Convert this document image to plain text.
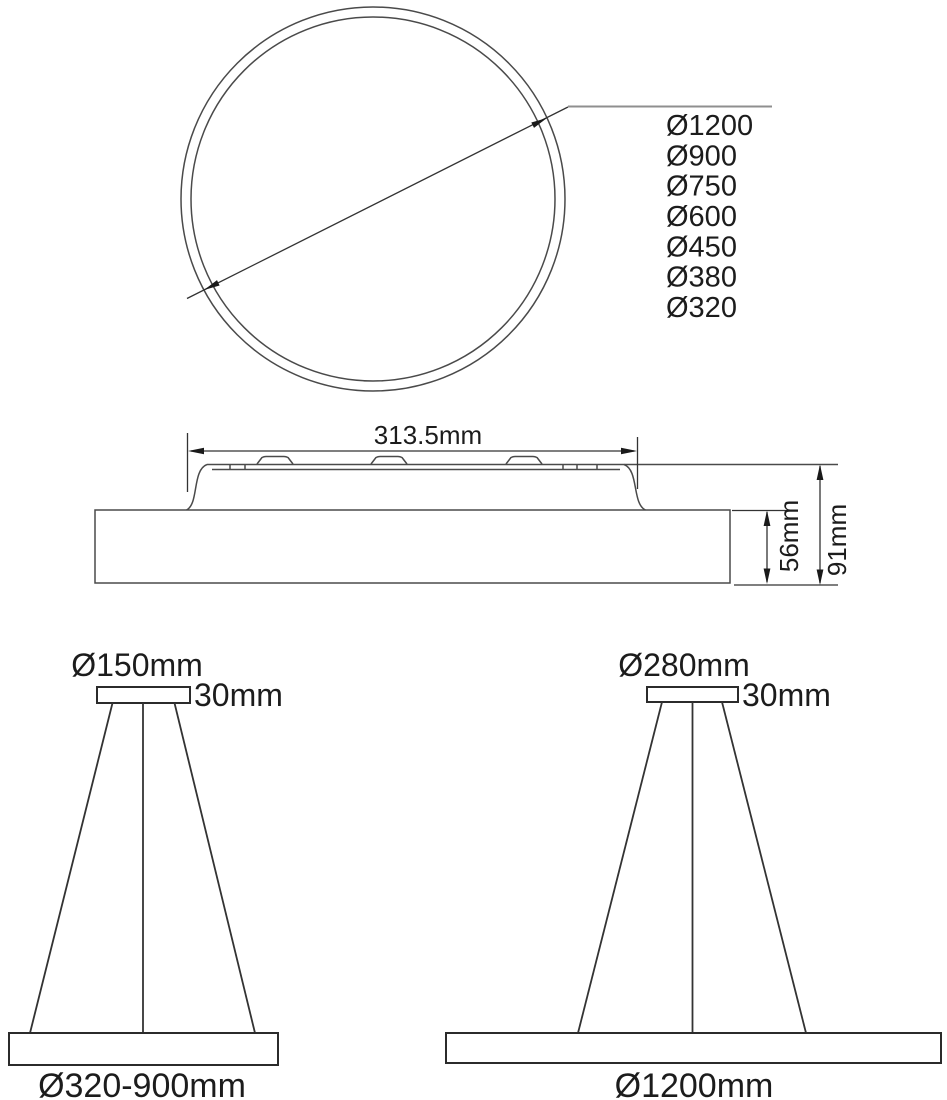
Ø1200
Ø900
Ø750
Ø600
Ø450
Ø380
Ø320
313.5mm
56mm 91mm
Ø150mm
30mm
Ø320-900mm
Ø280mm
30mm
Ø1200mm
